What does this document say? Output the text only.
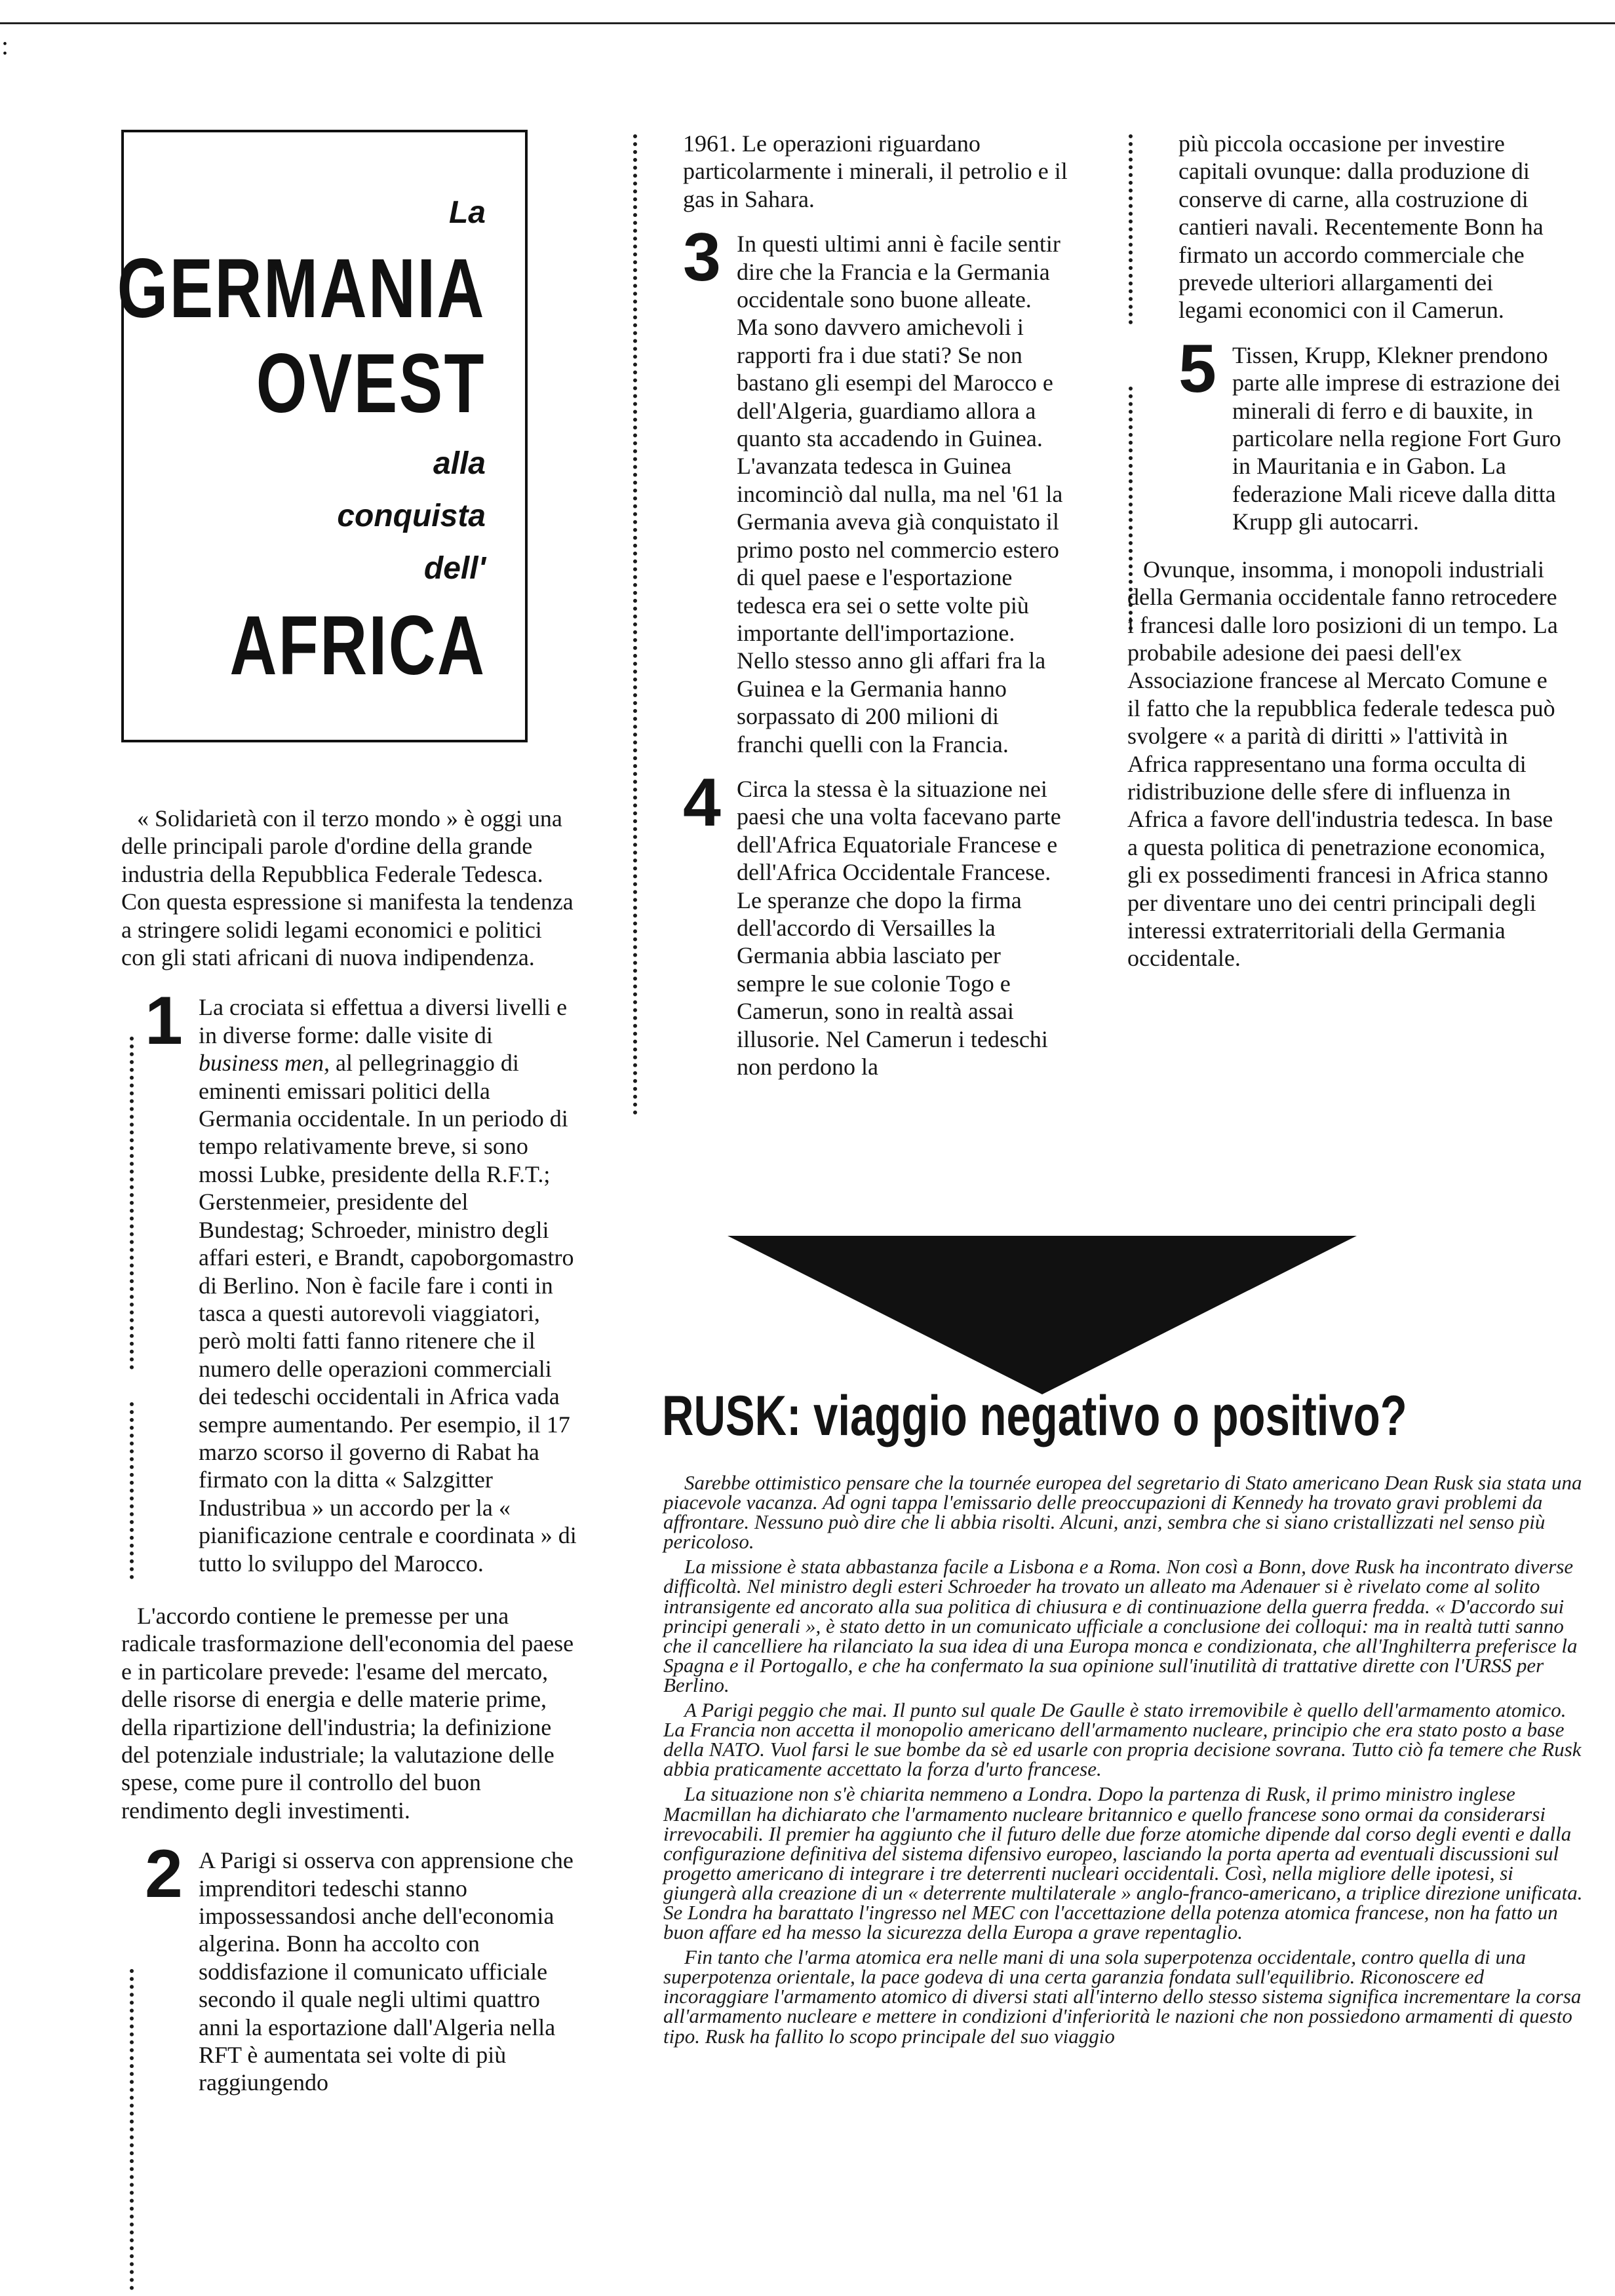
:

La

GERMANIA

OVEST

alla

conquista

dell'

AFRICA

« Solidarietà con il terzo mondo » è oggi una delle principali parole d'ordine della grande industria della Repubblica Federale Tedesca. Con questa espressione si manifesta la tendenza a stringere solidi legami economici e politici con gli stati africani di nuova indipendenza.

1 La crociata si effettua a diversi livelli e in diverse forme: dalle visite di business men, al pellegrinaggio di eminenti emissari politici della Germania occidentale. In un periodo di tempo relativamente breve, si sono mossi Lubke, presidente della R.F.T.; Gerstenmeier, presidente del Bundestag; Schroeder, ministro degli affari esteri, e Brandt, capoborgomastro di Berlino. Non è facile fare i conti in tasca a questi autorevoli viaggiatori, però molti fatti fanno ritenere che il numero delle operazioni commerciali dei tedeschi occidentali in Africa vada sempre aumentando. Per esempio, il 17 marzo scorso il governo di Rabat ha firmato con la ditta « Salzgitter Industribua » un accordo per la « pianificazione centrale e coordinata » di tutto lo sviluppo del Marocco.

L'accordo contiene le premesse per una radicale trasformazione dell'economia del paese e in particolare prevede: l'esame del mercato, delle risorse di energia e delle materie prime, della ripartizione dell'industria; la definizione del potenziale industriale; la valutazione delle spese, come pure il controllo del buon rendimento degli investimenti.

2 A Parigi si osserva con apprensione che imprenditori tedeschi stanno impossessandosi anche dell'economia algerina. Bonn ha accolto con soddisfazione il comunicato ufficiale secondo il quale negli ultimi quattro anni la esportazione dall'Algeria nella RFT è aumentata sei volte di più raggiungendo

1961. Le operazioni riguardano particolarmente i minerali, il petrolio e il gas in Sahara.

3 In questi ultimi anni è facile sentir dire che la Francia e la Germania occidentale sono buone alleate. Ma sono davvero amichevoli i rapporti fra i due stati? Se non bastano gli esempi del Marocco e dell'Algeria, guardiamo allora a quanto sta accadendo in Guinea. L'avanzata tedesca in Guinea incominciò dal nulla, ma nel '61 la Germania aveva già conquistato il primo posto nel commercio estero di quel paese e l'esportazione tedesca era sei o sette volte più importante dell'importazione. Nello stesso anno gli affari fra la Guinea e la Germania hanno sorpassato di 200 milioni di franchi quelli con la Francia.

4 Circa la stessa è la situazione nei paesi che una volta facevano parte dell'Africa Equatoriale Francese e dell'Africa Occidentale Francese. Le speranze che dopo la firma dell'accordo di Versailles la Germania abbia lasciato per sempre le sue colonie Togo e Camerun, sono in realtà assai illusorie. Nel Camerun i tedeschi non perdono la

più piccola occasione per investire capitali ovunque: dalla produzione di conserve di carne, alla costruzione di cantieri navali. Recentemente Bonn ha firmato un accordo commerciale che prevede ulteriori allargamenti dei legami economici con il Camerun.

5 Tissen, Krupp, Klekner prendono parte alle imprese di estrazione dei minerali di ferro e di bauxite, in particolare nella regione Fort Guro in Mauritania e in Gabon. La federazione Mali riceve dalla ditta Krupp gli autocarri.

Ovunque, insomma, i monopoli industriali della Germania occidentale fanno retrocedere i francesi dalle loro posizioni di un tempo. La probabile adesione dei paesi dell'ex Associazione francese al Mercato Comune e il fatto che la repubblica federale tedesca può svolgere « a parità di diritti » l'attività in Africa rappresentano una forma occulta di ridistribuzione delle sfere di influenza in Africa a favore dell'industria tedesca. In base a questa politica di penetrazione economica, gli ex possedimenti francesi in Africa stanno per diventare uno dei centri principali degli interessi extraterritoriali della Germania occidentale.

RUSK: viaggio negativo o positivo?

Sarebbe ottimistico pensare che la tournée europea del segretario di Stato americano Dean Rusk sia stata una piacevole vacanza. Ad ogni tappa l'emissario delle preoccupazioni di Kennedy ha trovato gravi problemi da affrontare. Nessuno può dire che li abbia risolti. Alcuni, anzi, sembra che si siano cristallizzati nel senso più pericoloso.

La missione è stata abbastanza facile a Lisbona e a Roma. Non così a Bonn, dove Rusk ha incontrato diverse difficoltà. Nel ministro degli esteri Schroeder ha trovato un alleato ma Adenauer si è rivelato come al solito intransigente ed ancorato alla sua politica di chiusura e di continuazione della guerra fredda. « D'accordo sui principi generali », è stato detto in un comunicato ufficiale a conclusione dei colloqui: ma in realtà tutti sanno che il cancelliere ha rilanciato la sua idea di una Europa monca e condizionata, che all'Inghilterra preferisce la Spagna e il Portogallo, e che ha confermato la sua opinione sull'inutilità di trattative dirette con l'URSS per Berlino.

A Parigi peggio che mai. Il punto sul quale De Gaulle è stato irremovibile è quello dell'armamento atomico. La Francia non accetta il monopolio americano dell'armamento nucleare, principio che era stato posto a base della NATO. Vuol farsi le sue bombe da sè ed usarle con propria decisione sovrana. Tutto ciò fa temere che Rusk abbia praticamente accettato la forza d'urto francese.

La situazione non s'è chiarita nemmeno a Londra. Dopo la partenza di Rusk, il primo ministro inglese Macmillan ha dichiarato che l'armamento nucleare britannico e quello francese sono ormai da considerarsi irrevocabili. Il premier ha aggiunto che il futuro delle due forze atomiche dipende dal corso degli eventi e dalla configurazione definitiva del sistema difensivo europeo, lasciando la porta aperta ad eventuali discussioni sul progetto americano di integrare i tre deterrenti nucleari occidentali. Così, nella migliore delle ipotesi, si giungerà alla creazione di un « deterrente multilaterale » anglo-franco-americano, a triplice direzione unificata. Se Londra ha barattato l'ingresso nel MEC con l'accettazione della potenza atomica francese, non ha fatto un buon affare ed ha messo la sicurezza della Europa a grave repentaglio.

Fin tanto che l'arma atomica era nelle mani di una sola superpotenza occidentale, contro quella di una superpotenza orientale, la pace godeva di una certa garanzia fondata sull'equilibrio. Riconoscere ed incoraggiare l'armamento atomico di diversi stati all'interno dello stesso sistema significa incrementare la corsa all'armamento nucleare e mettere in condizioni d'inferiorità le nazioni che non possiedono armamenti di questo tipo. Rusk ha fallito lo scopo principale del suo viaggio
